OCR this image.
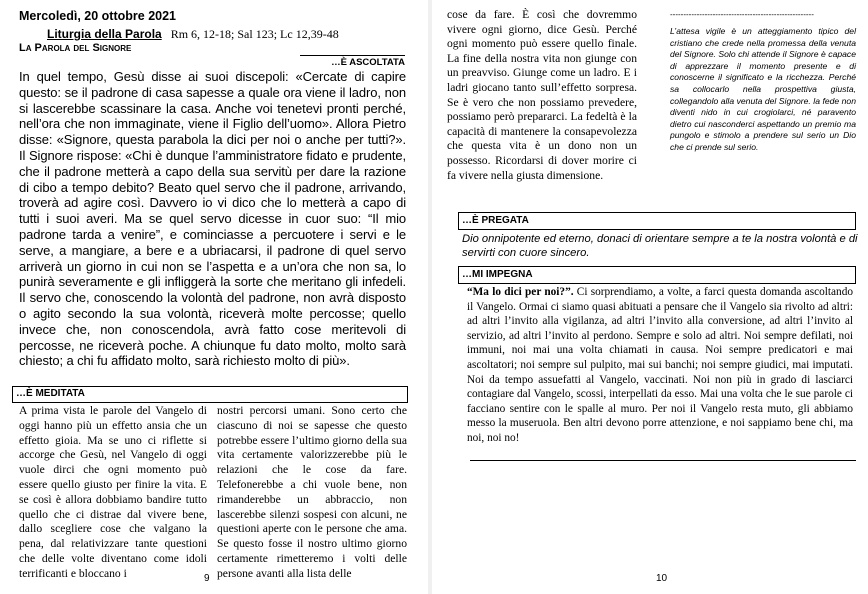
Mercoledì, 20 ottobre 2021
Liturgia della Parola Rm 6, 12-18; Sal 123; Lc 12,39-48
La Parola del Signore
…È ASCOLTATA
In quel tempo, Gesù disse ai suoi discepoli: «Cercate di capire questo: se il padrone di casa sapesse a quale ora viene il ladro, non si lascerebbe scassinare la casa. Anche voi tenetevi pronti perché, nell’ora che non immaginate, viene il Figlio dell’uomo». Allora Pietro disse: «Signore, questa parabola la dici per noi o anche per tutti?». Il Signore rispose: «Chi è dunque l’amministratore fidato e prudente, che il padrone metterà a capo della sua servitù per dare la razione di cibo a tempo debito? Beato quel servo che il padrone, arrivando, troverà ad agire così. Davvero io vi dico che lo metterà a capo di tutti i suoi averi. Ma se quel servo dicesse in cuor suo: “Il mio padrone tarda a venire”, e cominciasse a percuotere i servi e le serve, a mangiare, a bere e a ubriacarsi, il padrone di quel servo arriverà un giorno in cui non se l’aspetta e a un’ora che non sa, lo punirà severamente e gli infliggerà la sorte che meritano gli infedeli. Il servo che, conoscendo la volontà del padrone, non avrà disposto o agito secondo la sua volontà, riceverà molte percosse; quello invece che, non conoscendola, avrà fatto cose meritevoli di percosse, ne riceverà poche. A chiunque fu dato molto, molto sarà chiesto; a chi fu affidato molto, sarà richiesto molto di più».
…È MEDITATA
A prima vista le parole del Vangelo di oggi hanno più un effetto ansia che un effetto gioia. Ma se uno ci riflette si accorge che Gesù, nel Vangelo di oggi vuole dirci che ogni momento può essere quello giusto per finire la vita. E se così è allora dobbiamo bandire tutto quello che ci distrae dal vivere bene, dallo scegliere cose che valgano la pena, dal relativizzare tante questioni che delle volte diventano come idoli terrificanti e bloccano i
nostri percorsi umani. Sono certo che ciascuno di noi se sapesse che questo potrebbe essere l’ultimo giorno della sua vita certamente valorizzerebbe più le relazioni che le cose da fare. Telefonerebbe a chi vuole bene, non rimanderebbe un abbraccio, non lascerebbe silenzi sospesi con alcuni, ne questioni aperte con le persone che ama. Se questo fosse il nostro ultimo giorno certamente rimetteremo i volti delle persone avanti alla lista delle
9
cose da fare. È così che dovremmo vivere ogni giorno, dice Gesù. Perché ogni momento può essere quello finale. La fine della nostra vita non giunge con un preavviso. Giunge come un ladro. E i ladri giocano tanto sull’effetto sorpresa. Se è vero che non possiamo prevedere, possiamo però prepararci. La fedeltà è la capacità di mantenere la consapevolezza che questa vita è un dono non un possesso. Ricordarsi di dover morire ci fa vivere nella giusta dimensione.
------------------------------------------------------
L’attesa vigile è un atteggiamento tipico del cristiano che crede nella promessa della venuta del Signore. Solo chi attende il Signore è capace di apprezzare il momento presente e di conoscerne il significato e la ricchezza. Perché sa collocarlo nella prospettiva giusta, collegandolo alla venuta del Signore. la fede non diventi nido in cui crogiolarci, né paravento dietro cui nasconderci aspettando un premio ma pungolo e stimolo a prendere sul serio un Dio che ci prende sul serio.
…È PREGATA
Dio onnipotente ed eterno, donaci di orientare sempre a te la nostra volontà e di servirti con cuore sincero.
…MI IMPEGNA
“Ma lo dici per noi?”. Ci sorprendiamo, a volte, a farci questa domanda ascoltando il Vangelo. Ormai ci siamo quasi abituati a pensare che il Vangelo sia rivolto ad altri: ad altri l’invito alla vigilanza, ad altri l’invito alla conversione, ad altri l’invito al servizio, ad altri l’invito al perdono. Sempre e solo ad altri. Noi sempre defilati, noi immuni, noi mai una volta chiamati in causa. Noi sempre predicatori e mai ascoltatori; noi sempre sul pulpito, mai sui banchi; noi sempre giudici, mai imputati. Noi da tempo assuefatti al Vangelo, vaccinati. Noi non più in grado di lasciarci contagiare dal Vangelo, scossi, interpellati da esso. Mai una volta che le sue parole ci facciano sentire con le spalle al muro. Per noi il Vangelo resta muto, gli abbiamo messo la museruola. Ben altri devono porre attenzione, e noi sappiamo bene chi, ma noi, noi no!
10
